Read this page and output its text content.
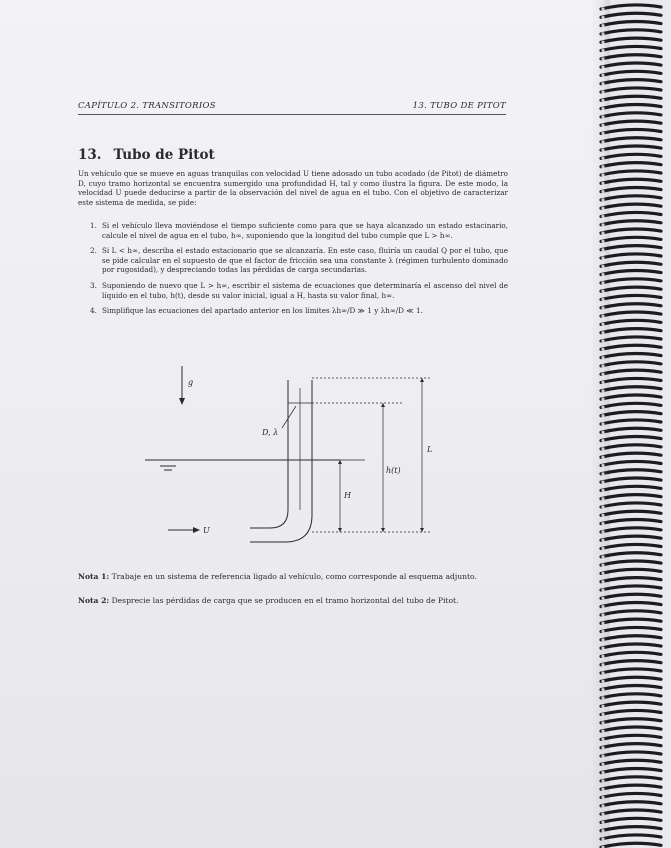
CAPÍTULO 2. TRANSITORIOS	13. TUBO DE PITOT
13. Tubo de Pitot

Un vehículo que se mueve en aguas tranquilas con velocidad U tiene adosado un tubo acodado (de Pitot) de diámetro D, cuyo tramo horizontal se encuentra sumergido una profundidad H, tal y como ilustra la figura. De este modo, la velocidad U puede deducirse a partir de la observación del nivel de agua en el tubo. Con el objetivo de caracterizar este sistema de medida, se pide:

1. Si el vehículo lleva moviéndose el tiempo suficiente como para que se haya alcanzado un estado estacinario, calcule el nivel de agua en el tubo, h∞, suponiendo que la longitud del tubo cumple que L > h∞.
2. Si L < h∞, describa el estado estacionario que se alcanzaría. En este caso, fluiría un caudal Q por el tubo, que se pide calcular en el supuesto de que el factor de fricción sea una constante λ (régimen turbulento dominado por rugosidad), y despreciando todas las pérdidas de carga secundarias.
3. Suponiendo de nuevo que L > h∞, escribir el sistema de ecuaciones que determinaría el ascenso del nivel de líquido en el tubo, h(t), desde su valor inicial, igual a H, hasta su valor final, h∞.
4. Simplifique las ecuaciones del apartado anterior en los límites λh∞/D ≫ 1 y λh∞/D ≪ 1.
g
D, λ
H
h(t)
L
U

Nota 1: Trabaje en un sistema de referencia ligado al vehículo, como corresponde al esquema adjunto.

Nota 2: Desprecie las pérdidas de carga que se producen en el tramo horizontal del tubo de Pitot.
